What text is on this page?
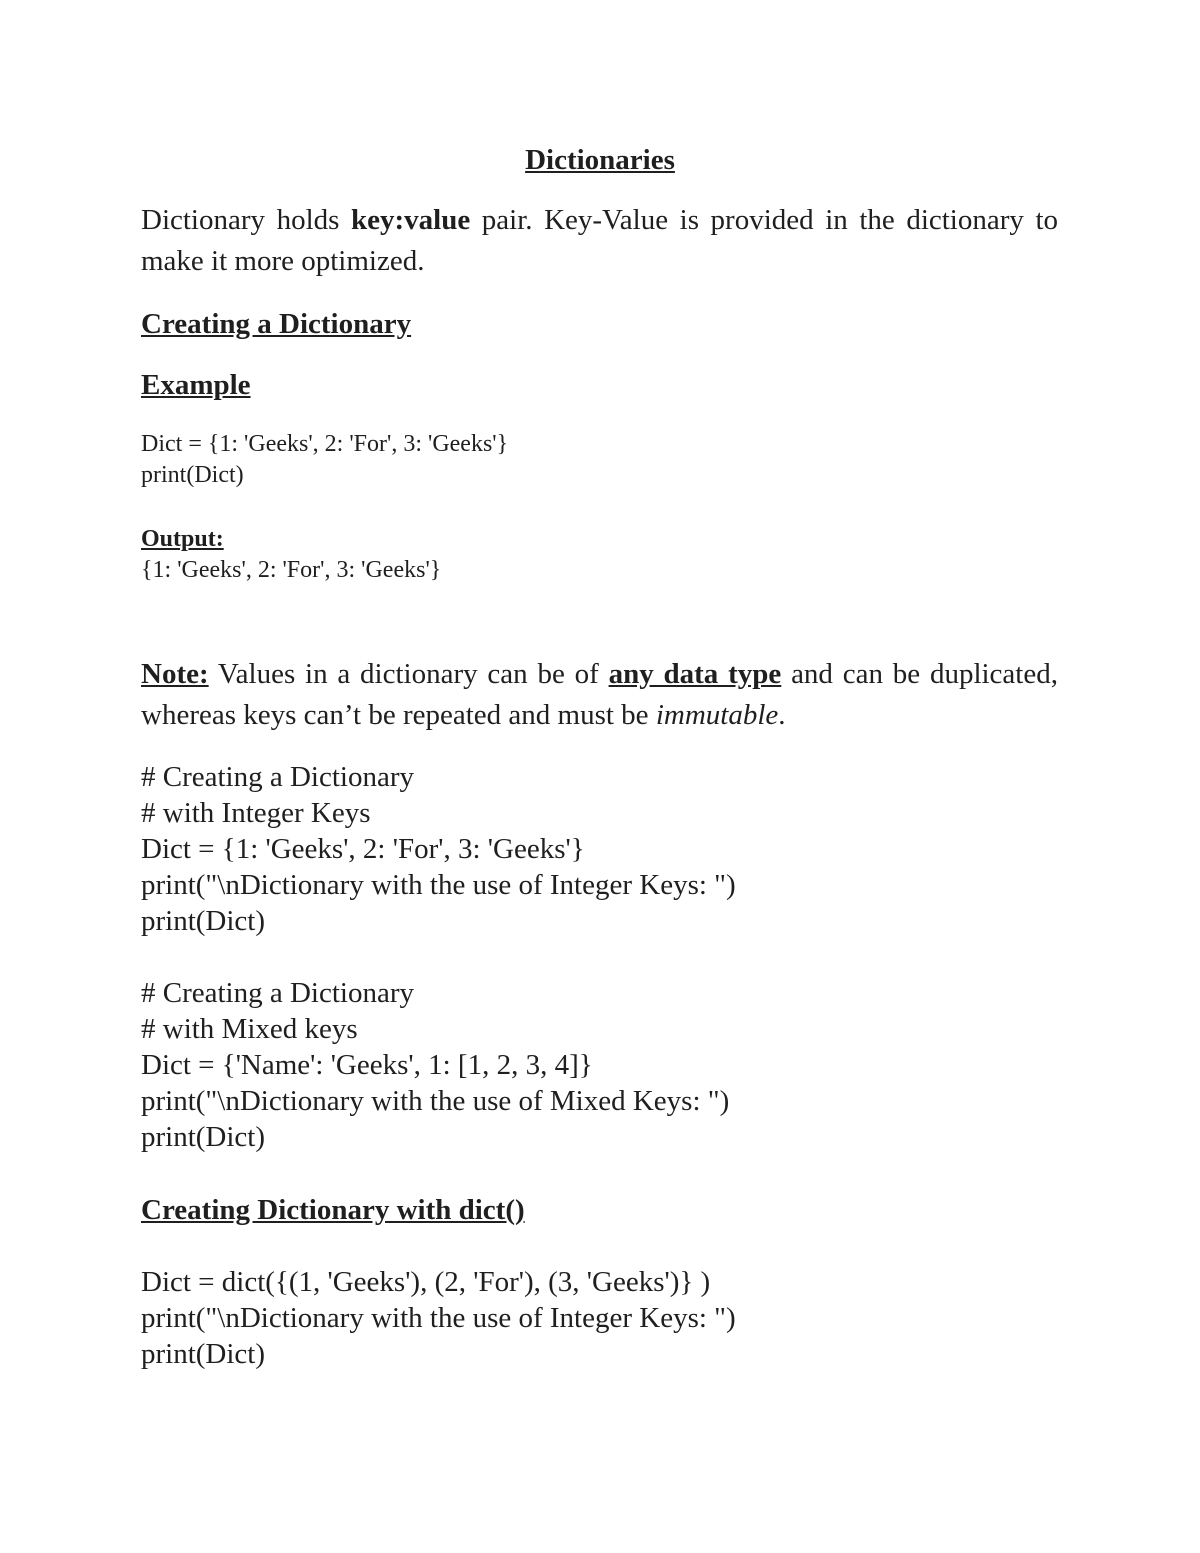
Dictionaries

Dictionary holds key:value pair. Key-Value is provided in the dictionary to make it more optimized.

Creating a Dictionary
Example
Dict = {1: 'Geeks', 2: 'For', 3: 'Geeks'}
print(Dict)
Output:
{1: 'Geeks', 2: 'For', 3: 'Geeks'}

Note: Values in a dictionary can be of any data type and can be duplicated, whereas keys can’t be repeated and must be immutable.

# Creating a Dictionary
# with Integer Keys
Dict = {1: 'Geeks', 2: 'For', 3: 'Geeks'}
print("\nDictionary with the use of Integer Keys: ")
print(Dict)
# Creating a Dictionary
# with Mixed keys
Dict = {'Name': 'Geeks', 1: [1, 2, 3, 4]}
print("\nDictionary with the use of Mixed Keys: ")
print(Dict)
Creating Dictionary with dict()
Dict = dict({(1, 'Geeks'), (2, 'For'), (3, 'Geeks')} )
print("\nDictionary with the use of Integer Keys: ")
print(Dict)
